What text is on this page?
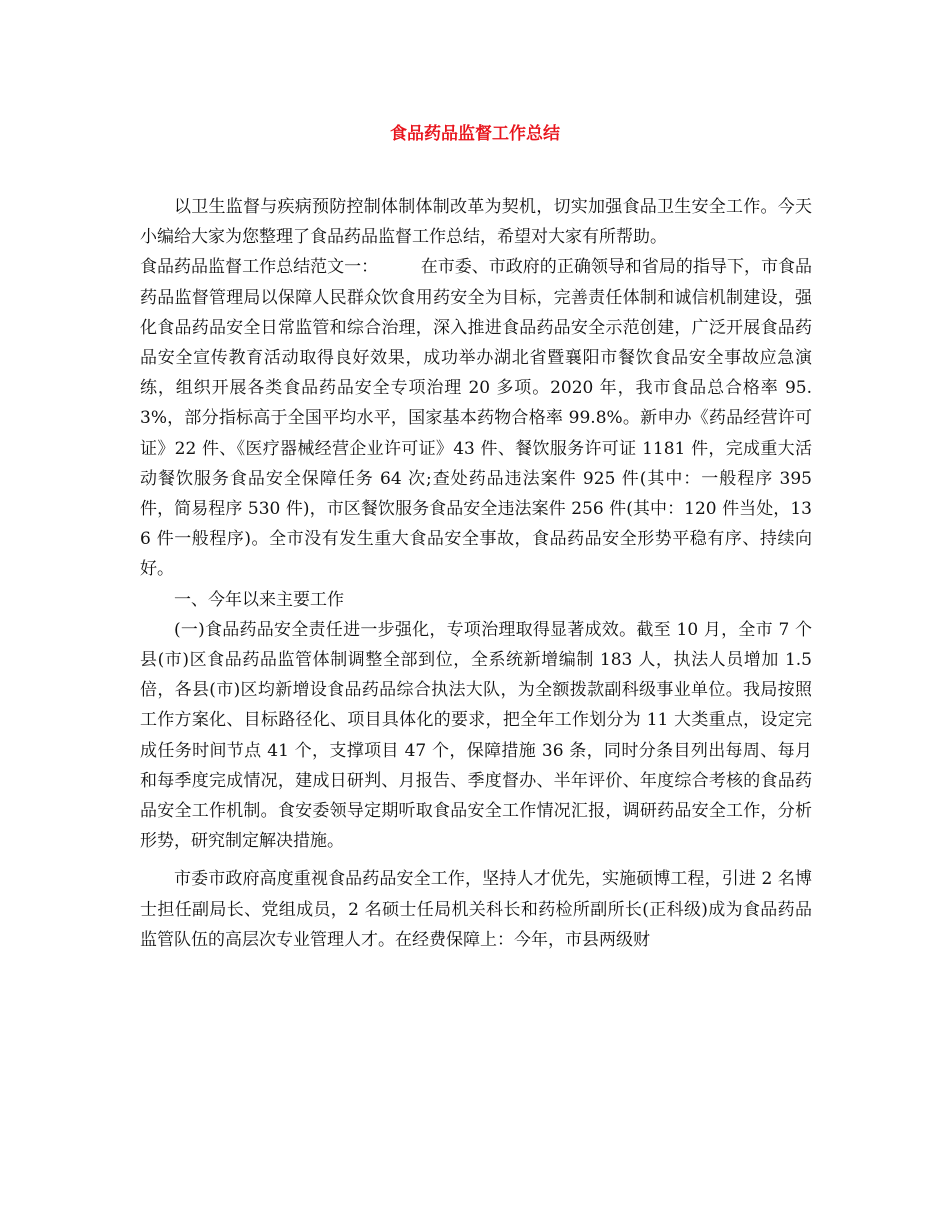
食品药品监督工作总结

以卫生监督与疾病预防控制体制体制改革为契机，切实加强食品卫生安全工作。今天小编给大家为您整理了食品药品监督工作总结，希望对大家有所帮助。

食品药品监督工作总结范文一：	在市委、市政府的正确领导和省局的指导下，市食品药品监督管理局以保障人民群众饮食用药安全为目标，完善责任体制和诚信机制建设，强化食品药品安全日常监管和综合治理，深入推进食品药品安全示范创建，广泛开展食品药品安全宣传教育活动取得良好效果，成功举办湖北省暨襄阳市餐饮食品安全事故应急演练，组织开展各类食品药品安全专项治理 20 多项。2020 年，我市食品总合格率 95.3%，部分指标高于全国平均水平，国家基本药物合格率 99.8%。新申办《药品经营许可证》22 件、《医疗器械经营企业许可证》43 件、餐饮服务许可证 1181 件，完成重大活动餐饮服务食品安全保障任务 64 次;查处药品违法案件 925 件(其中：一般程序 395 件，简易程序 530 件)，市区餐饮服务食品安全违法案件 256 件(其中：120 件当处，136 件一般程序)。全市没有发生重大食品安全事故，食品药品安全形势平稳有序、持续向好。

一、今年以来主要工作

(一)食品药品安全责任进一步强化，专项治理取得显著成效。截至 10 月，全市 7 个县(市)区食品药品监管体制调整全部到位，全系统新增编制 183 人，执法人员增加 1.5 倍，各县(市)区均新增设食品药品综合执法大队，为全额拨款副科级事业单位。我局按照工作方案化、目标路径化、项目具体化的要求，把全年工作划分为 11 大类重点，设定完成任务时间节点 41 个，支撑项目 47 个，保障措施 36 条，同时分条目列出每周、每月和每季度完成情况，建成日研判、月报告、季度督办、半年评价、年度综合考核的食品药品安全工作机制。食安委领导定期听取食品安全工作情况汇报，调研药品安全工作，分析形势，研究制定解决措施。

市委市政府高度重视食品药品安全工作，坚持人才优先，实施硕博工程，引进 2 名博士担任副局长、党组成员，2 名硕士任局机关科长和药检所副所长(正科级)成为食品药品监管队伍的高层次专业管理人才。在经费保障上：今年，市县两级财
